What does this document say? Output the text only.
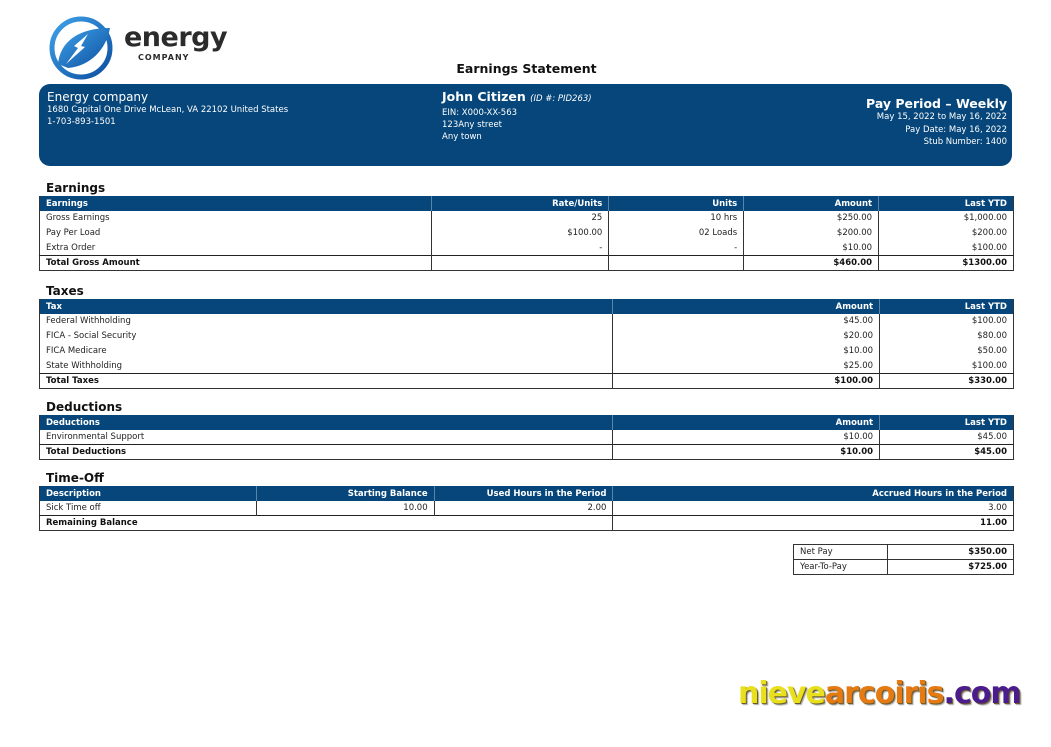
energy
COMPANY
Earnings Statement
Energy company
1680 Capital One Drive McLean, VA 22102 United States
1-703-893-1501
John Citizen (ID #: PID263)
EIN: X000-XX-563
123Any street
Any town
Pay Period – Weekly
May 15, 2022 to May 16, 2022
Pay Date: May 16, 2022
Stub Number: 1400
Earnings
Earnings	Rate/Units	Units	Amount	Last YTD
Gross Earnings	25	10 hrs	$250.00	$1,000.00
Pay Per Load	$100.00	02 Loads	$200.00	$200.00
Extra Order	-	-	$10.00	$100.00
Total Gross Amount			$460.00	$1300.00
Taxes
Tax	Amount	Last YTD
Federal Withholding	$45.00	$100.00
FICA - Social Security	$20.00	$80.00
FICA Medicare	$10.00	$50.00
State Withholding	$25.00	$100.00
Total Taxes	$100.00	$330.00
Deductions
Deductions	Amount	Last YTD
Environmental Support	$10.00	$45.00
Total Deductions	$10.00	$45.00
Time-Off
Description	Starting Balance	Used Hours in the Period	Accrued Hours in the Period
Sick Time off	10.00	2.00	3.00
Remaining Balance			11.00
Net Pay	$350.00
Year-To-Pay	$725.00
nievearcoiris.com
